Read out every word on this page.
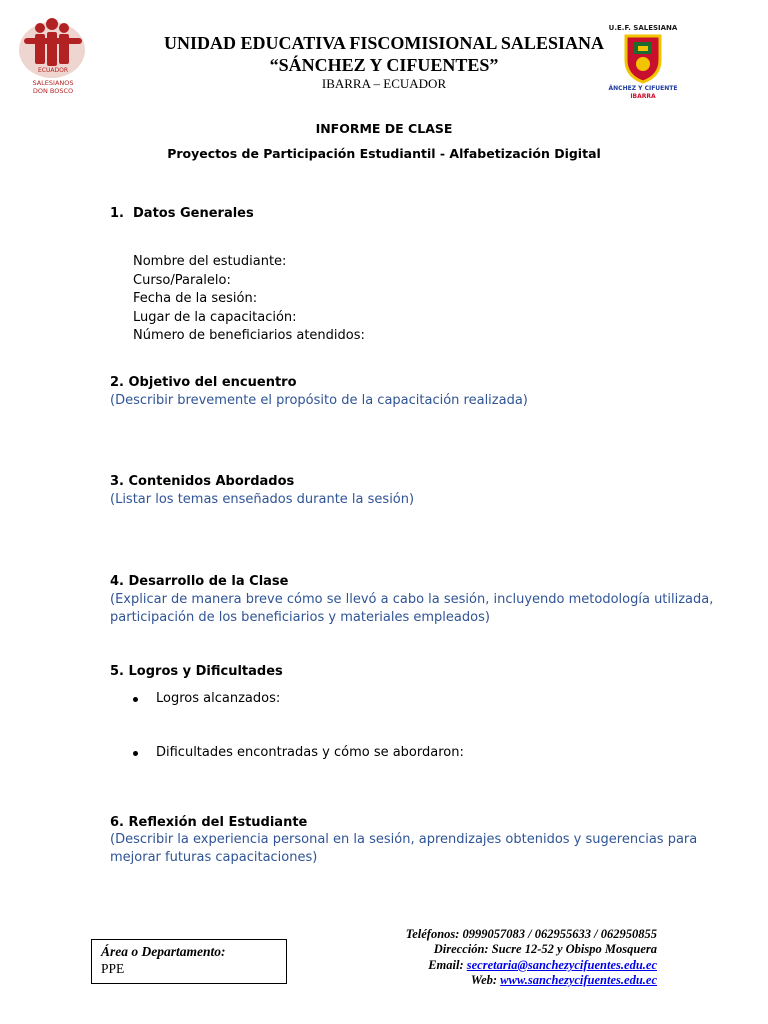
ECUADOR
SALESIANOS
DON BOSCO
U.E.F. SALESIANA
SÁNCHEZ Y CIFUENTES
IBARRA
UNIDAD EDUCATIVA FISCOMISIONAL SALESIANA
“SÁNCHEZ Y CIFUENTES”
IBARRA – ECUADOR
INFORME DE CLASE
Proyectos de Participación Estudiantil - Alfabetización Digital
1. Datos Generales
Nombre del estudiante:
Curso/Paralelo:
Fecha de la sesión:
Lugar de la capacitación:
Número de beneficiarios atendidos:
2. Objetivo del encuentro
(Describir brevemente el propósito de la capacitación realizada)
3. Contenidos Abordados
(Listar los temas enseñados durante la sesión)
4. Desarrollo de la Clase
(Explicar de manera breve cómo se llevó a cabo la sesión, incluyendo metodología utilizada,
participación de los beneficiarios y materiales empleados)
5. Logros y Dificultades
Logros alcanzados:
Dificultades encontradas y cómo se abordaron:
6. Reflexión del Estudiante
(Describir la experiencia personal en la sesión, aprendizajes obtenidos y sugerencias para
mejorar futuras capacitaciones)
Teléfonos: 0999057083 / 062955633 / 062950855
Dirección: Sucre 12-52 y Obispo Mosquera
Email: secretaria@sanchezycifuentes.edu.ec
Web: www.sanchezycifuentes.edu.ec
Área o Departamento:
PPE
